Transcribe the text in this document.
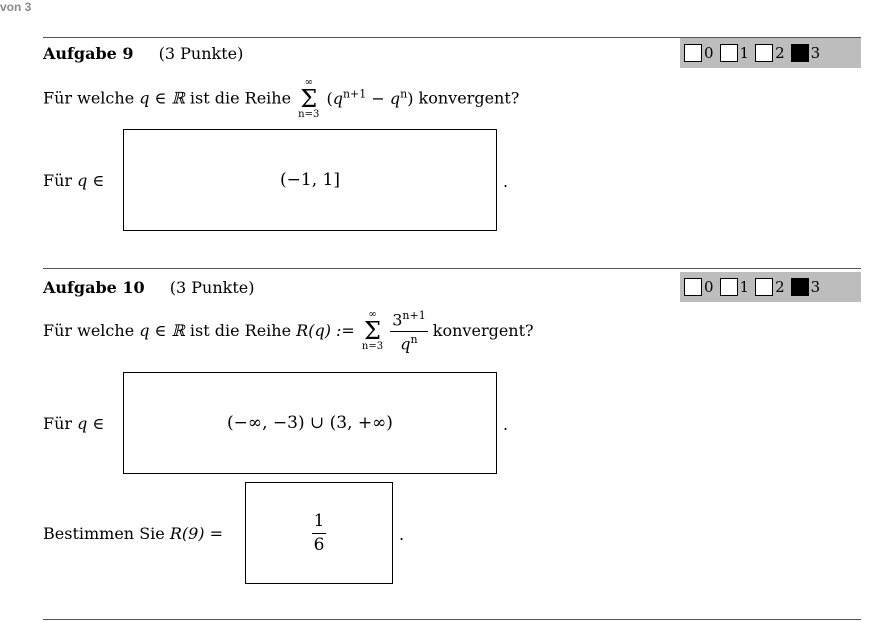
von 3
Aufgabe 9 (3 Punkte)	0 1 2 3
Für welche q ∈ ℝ ist die Reihe
∞
Σ
n=3
$(q^{n+1} - q^n)$ konvergent?
Für q ∈	(−1, 1]	.
Aufgabe 10 (3 Punkte)	0 1 2 3
Für welche q ∈ ℝ ist die Reihe R(q) :=
∞
Σ
n=3
$\frac{3^{n+1}}{q^n}$ konvergent?
Für q ∈	(−∞, −3) ∪ (3, +∞)	.
Bestimmen Sie R(9) =	$\frac{1}{6}$	.
